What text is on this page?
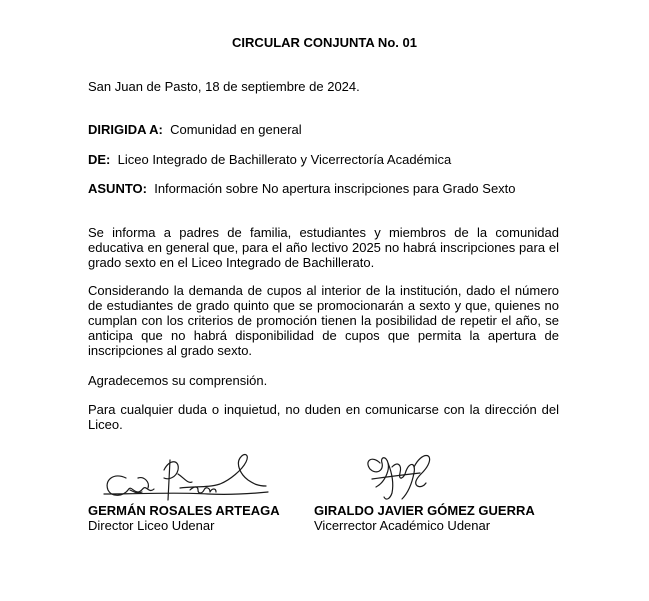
CIRCULAR CONJUNTA No. 01
San Juan de Pasto, 18 de septiembre de 2024.
DIRIGIDA A: Comunidad en general
DE: Liceo Integrado de Bachillerato y Vicerrectoría Académica
ASUNTO: Información sobre No apertura inscripciones para Grado Sexto
Se informa a padres de familia, estudiantes y miembros de la comunidad educativa en general que, para el año lectivo 2025 no habrá inscripciones para el grado sexto en el Liceo Integrado de Bachillerato.
Considerando la demanda de cupos al interior de la institución, dado el número de estudiantes de grado quinto que se promocionarán a sexto y que, quienes no cumplan con los criterios de promoción tienen la posibilidad de repetir el año, se anticipa que no habrá disponibilidad de cupos que permita la apertura de inscripciones al grado sexto.
Agradecemos su comprensión.
Para cualquier duda o inquietud, no duden en comunicarse con la dirección del Liceo.
GERMÁN ROSALES ARTEAGA
Director Liceo Udenar
GIRALDO JAVIER GÓMEZ GUERRA
Vicerrector Académico Udenar
